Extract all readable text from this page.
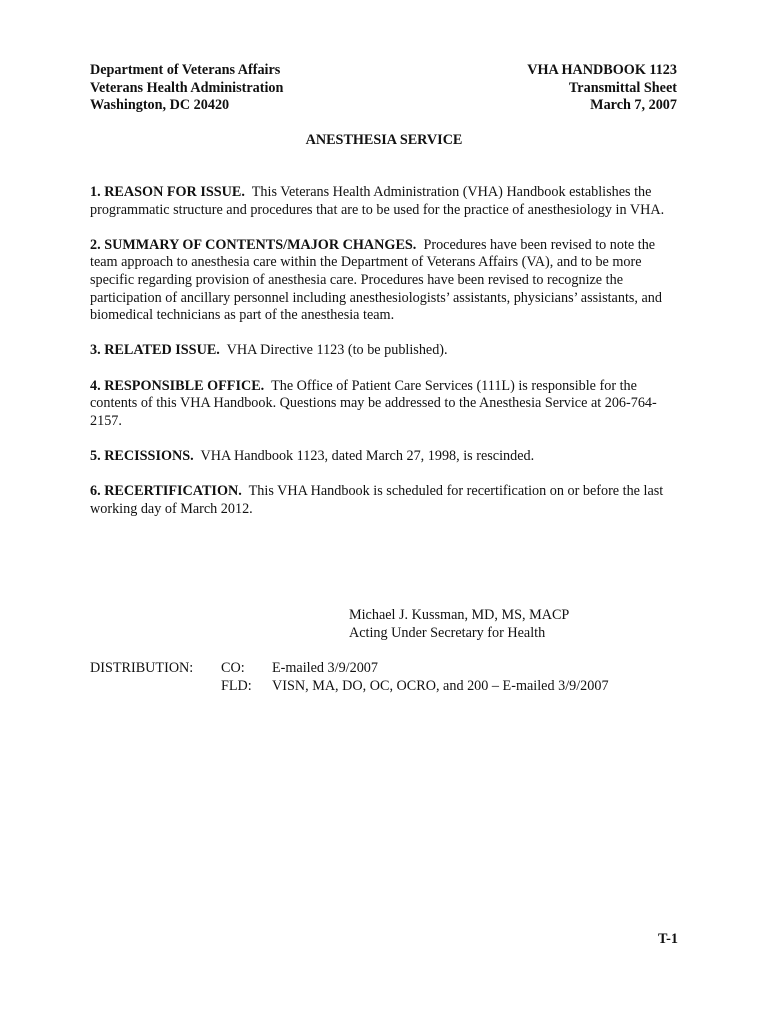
Department of Veterans Affairs
Veterans Health Administration
Washington, DC 20420
VHA HANDBOOK 1123
Transmittal Sheet
March 7, 2007
ANESTHESIA SERVICE

1. REASON FOR ISSUE. This Veterans Health Administration (VHA) Handbook establishes the programmatic structure and procedures that are to be used for the practice of anesthesiology in VHA.

2. SUMMARY OF CONTENTS/MAJOR CHANGES. Procedures have been revised to note the team approach to anesthesia care within the Department of Veterans Affairs (VA), and to be more specific regarding provision of anesthesia care. Procedures have been revised to recognize the participation of ancillary personnel including anesthesiologists’ assistants, physicians’ assistants, and biomedical technicians as part of the anesthesia team.

3. RELATED ISSUE. VHA Directive 1123 (to be published).

4. RESPONSIBLE OFFICE. The Office of Patient Care Services (111L) is responsible for the contents of this VHA Handbook. Questions may be addressed to the Anesthesia Service at 206-764-2157.

5. RECISSIONS. VHA Handbook 1123, dated March 27, 1998, is rescinded.

6. RECERTIFICATION. This VHA Handbook is scheduled for recertification on or before the last working day of March 2012.

Michael J. Kussman, MD, MS, MACP
Acting Under Secretary for Health
DISTRIBUTION: CO: E-mailed 3/9/2007
FLD: VISN, MA, DO, OC, OCRO, and 200 – E-mailed 3/9/2007
T-1
